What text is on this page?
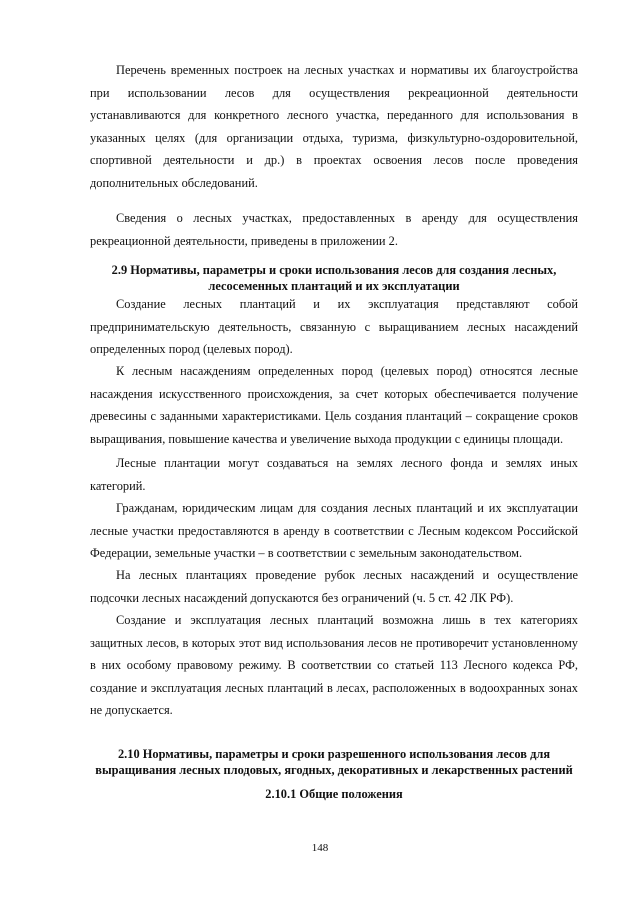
Перечень временных построек на лесных участках и нормативы их благоустройства при использовании лесов для осуществления рекреационной деятельности устанавливаются для конкретного лесного участка, переданного для использования в указанных целях (для организации отдыха, туризма, физкультурно-оздоровительной, спортивной деятельности и др.) в проектах освоения лесов после проведения дополнительных обследований.

Сведения о лесных участках, предоставленных в аренду для осуществления рекреационной деятельности, приведены в приложении 2.

2.9 Нормативы, параметры и сроки использования лесов для создания лесных,
лесосеменных плантаций и их эксплуатации

Создание лесных плантаций и их эксплуатация представляют собой предпринимательскую деятельность, связанную с выращиванием лесных насаждений определенных пород (целевых пород).

К лесным насаждениям определенных пород (целевых пород) относятся лесные насаждения искусственного происхождения, за счет которых обеспечивается получение древесины с заданными характеристиками. Цель создания плантаций – сокращение сроков выращивания, повышение качества и увеличение выхода продукции с единицы площади.

Лесные плантации могут создаваться на землях лесного фонда и землях иных категорий.

Гражданам, юридическим лицам для создания лесных плантаций и их эксплуатации лесные участки предоставляются в аренду в соответствии с Лесным кодексом Российской Федерации, земельные участки – в соответствии с земельным законодательством.

На лесных плантациях проведение рубок лесных насаждений и осуществление подсочки лесных насаждений допускаются без ограничений (ч. 5 ст. 42 ЛК РФ).

Создание и эксплуатация лесных плантаций возможна лишь в тех категориях защитных лесов, в которых этот вид использования лесов не противоречит установленному в них особому правовому режиму. В соответствии со статьей 113 Лесного кодекса РФ, создание и эксплуатация лесных плантаций в лесах, расположенных в водоохранных зонах не допускается.

2.10 Нормативы, параметры и сроки разрешенного использования лесов для
выращивания лесных плодовых, ягодных, декоративных и лекарственных растений
2.10.1 Общие положения
148
